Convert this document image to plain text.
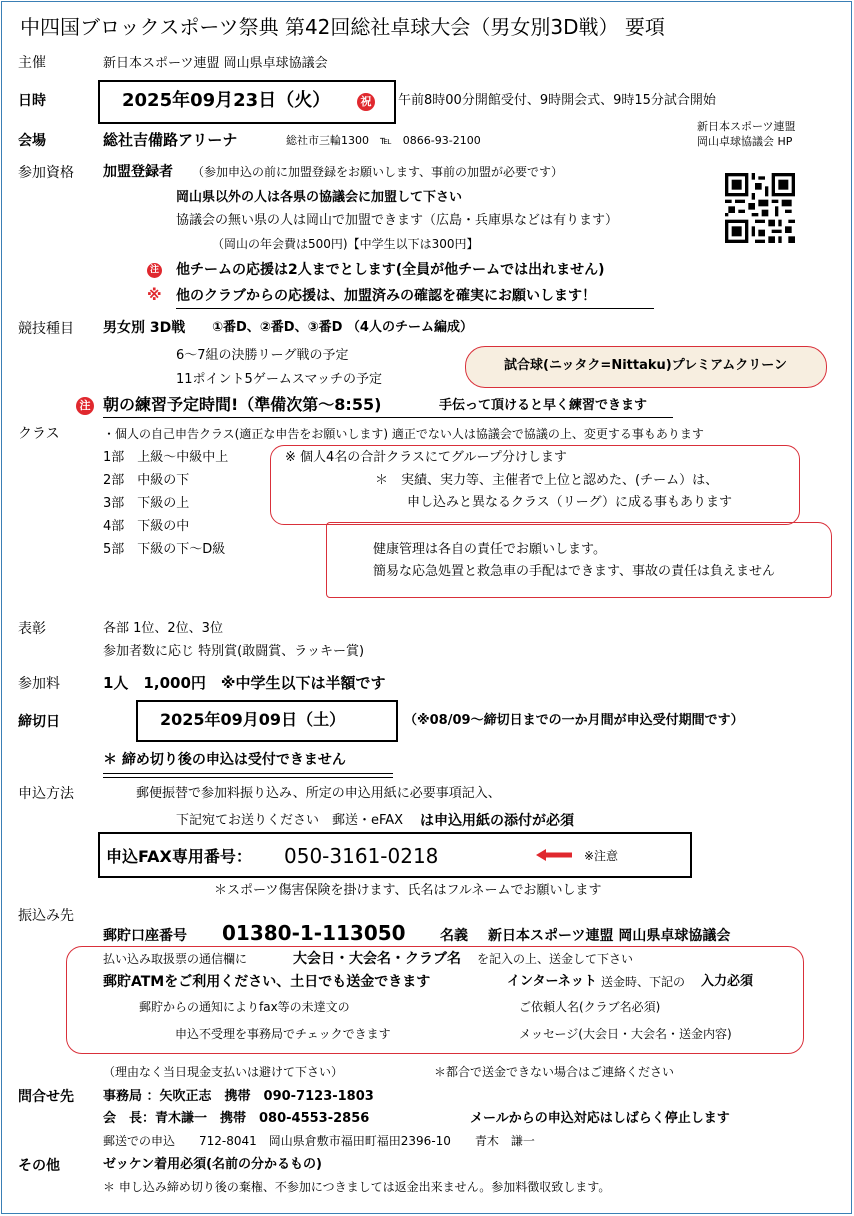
中四国ブロックスポーツ祭典 第42回総社卓球大会（男女別3D戦） 要項
主催	新日本スポーツ連盟 岡山県卓球協議会
日時	2025年09月23日（火）	祝 午前8時00分開館受付、9時開会式、9時15分試合開始
新日本スポーツ連盟
岡山卓球協議会 HP
会場	総社吉備路アリーナ	総社市三輪1300　℡　0866-93-2100
参加資格 加盟登録者 （参加申込の前に加盟登録をお願いします、事前の加盟が必要です）
岡山県以外の人は各県の協議会に加盟して下さい
協議会の無い県の人は岡山で加盟できます（広島・兵庫県などは有ります）
（岡山の年会費は500円)【中学生以下は300円】
注 他チームの応援は2人までとします(全員が他チームでは出れません)
※ 他のクラブからの応援は、加盟済みの確認を確実にお願いします！
競技種目 男女別 3D戦 ①番D、②番D、③番D （4人のチーム編成）
6～7組の決勝リーグ戦の予定
11ポイント5ゲームスマッチの予定
試合球(ニッタク=Nittaku)プレミアムクリーン
注 朝の練習予定時間!（準備次第〜8:55)	手伝って頂けると早く練習できます
クラス	・個人の自己申告クラス(適正な申告をお願いします) 適正でない人は協議会で協議の上、変更する事もあります
1部　上級～中級中上
2部　中級の下
3部　下級の上
4部　下級の中
5部　下級の下～D級
※ 個人4名の合計クラスにてグループ分けします
＊　実績、実力等、主催者で上位と認めた、(チーム）は、
申し込みと異なるクラス（リーグ）に成る事もあります
健康管理は各自の責任でお願いします。
簡易な応急処置と救急車の手配はできます、事故の責任は負えません
表彰	各部 1位、2位、3位
参加者数に応じ 特別賞(敢闘賞、ラッキー賞)
参加料	1人　1,000円　※中学生以下は半額です
締切日	2025年09月09日（土）	（※08/09～締切日までの一か月間が申込受付期間です）
＊ 締め切り後の申込は受付できません
申込方法	郵便振替で参加料振り込み、所定の申込用紙に必要事項記入、
下記宛てお送りください　郵送・eFAX は申込用紙の添付が必須
申込FAX専用番号： 050-3161-0218	※注意
＊スポーツ傷害保険を掛けます、氏名はフルネームでお願いします
振込み先
郵貯口座番号 01380-1-113050 名義 新日本スポーツ連盟 岡山県卓球協議会
払い込み取扱票の通信欄に	大会日・大会名・クラブ名 を記入の上、送金して下さい
郵貯ATMをご利用ください、土日でも送金できます	インターネット 送金時、下記の 入力必須
郵貯からの通知によりfax等の未達文の	ご依頼人名(クラブ名必須)
申込不受理を事務局でチェックできます	メッセージ(大会日・大会名・送金内容)
（理由なく当日現金支払いは避けて下さい）	＊都合で送金できない場合はご連絡ください
問合せ先 事務局 ：矢吹正志　携帯　090-7123-1803
会　長：青木謙一　携帯　080-4553-2856	メールからの申込対応はしばらく停止します
郵送での申込　　712-8041　岡山県倉敷市福田町福田2396-10　　青木　謙一
その他	ゼッケン着用必須(名前の分かるもの)
＊ 申し込み締め切り後の棄権、不参加につきましては返金出来ません。参加料徴収致します。
